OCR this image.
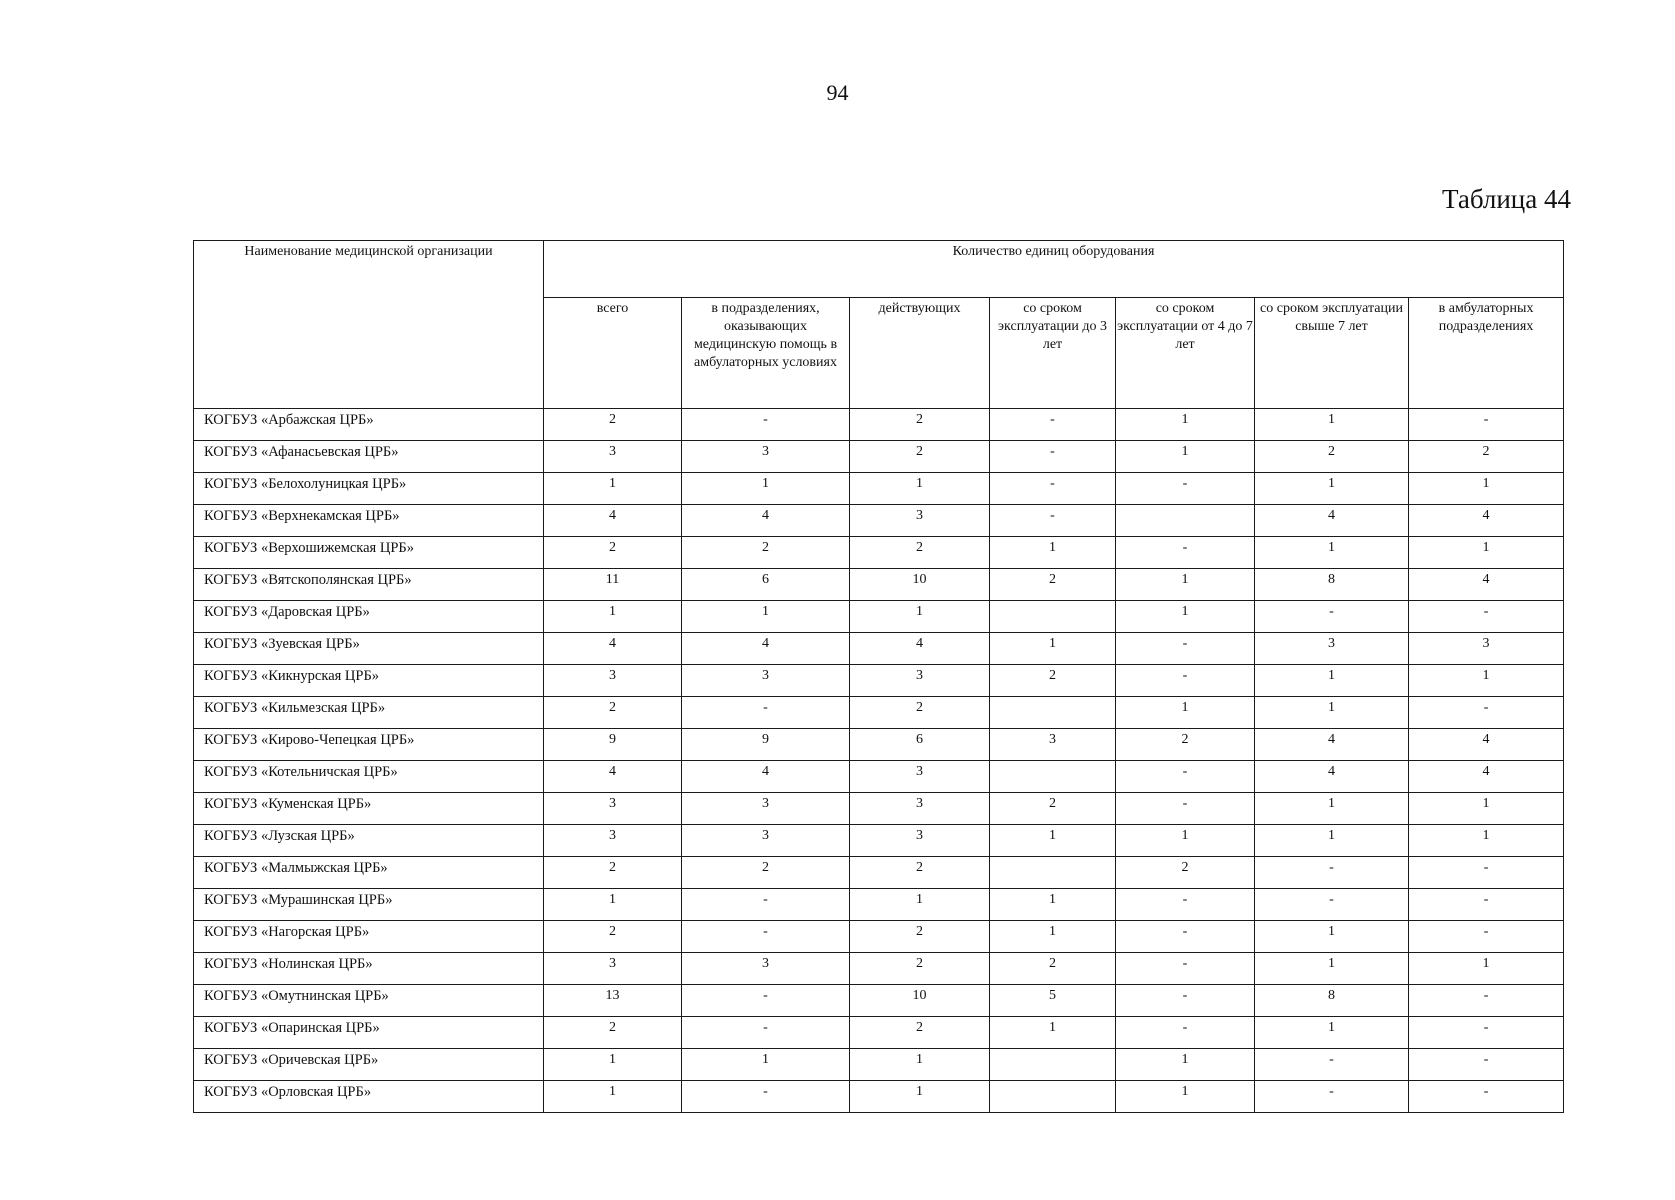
94
Таблица 44
Наименование медицинской организации	Количество единиц оборудования						
	всего	в подразделениях, оказывающих медицинскую помощь в амбулаторных условиях	действующих	со сроком эксплуатации до 3 лет	со сроком эксплуатации от 4 до 7 лет	со сроком эксплуатации свыше 7 лет	в амбулаторных подразделениях
КОГБУЗ «Арбажская ЦРБ»	2	-	2	-	1	1	-
КОГБУЗ «Афанасьевская ЦРБ»	3	3	2	-	1	2	2
КОГБУЗ «Белохолуницкая ЦРБ»	1	1	1	-	-	1	1
КОГБУЗ «Верхнекамская ЦРБ»	4	4	3	-		4	4
КОГБУЗ «Верхошижемская ЦРБ»	2	2	2	1	-	1	1
КОГБУЗ «Вятскополянская ЦРБ»	11	6	10	2	1	8	4
КОГБУЗ «Даровская ЦРБ»	1	1	1		1	-	-
КОГБУЗ «Зуевская ЦРБ»	4	4	4	1	-	3	3
КОГБУЗ «Кикнурская ЦРБ»	3	3	3	2	-	1	1
КОГБУЗ «Кильмезская ЦРБ»	2	-	2		1	1	-
КОГБУЗ «Кирово-Чепецкая ЦРБ»	9	9	6	3	2	4	4
КОГБУЗ «Котельничская ЦРБ»	4	4	3		-	4	4
КОГБУЗ «Куменская ЦРБ»	3	3	3	2	-	1	1
КОГБУЗ «Лузская ЦРБ»	3	3	3	1	1	1	1
КОГБУЗ «Малмыжская ЦРБ»	2	2	2		2	-	-
КОГБУЗ «Мурашинская ЦРБ»	1	-	1	1	-	-	-
КОГБУЗ «Нагорская ЦРБ»	2	-	2	1	-	1	-
КОГБУЗ «Нолинская ЦРБ»	3	3	2	2	-	1	1
КОГБУЗ «Омутнинская ЦРБ»	13	-	10	5	-	8	-
КОГБУЗ «Опаринская ЦРБ»	2	-	2	1	-	1	-
КОГБУЗ «Оричевская ЦРБ»	1	1	1		1	-	-
КОГБУЗ «Орловская ЦРБ»	1	-	1		1	-	-
